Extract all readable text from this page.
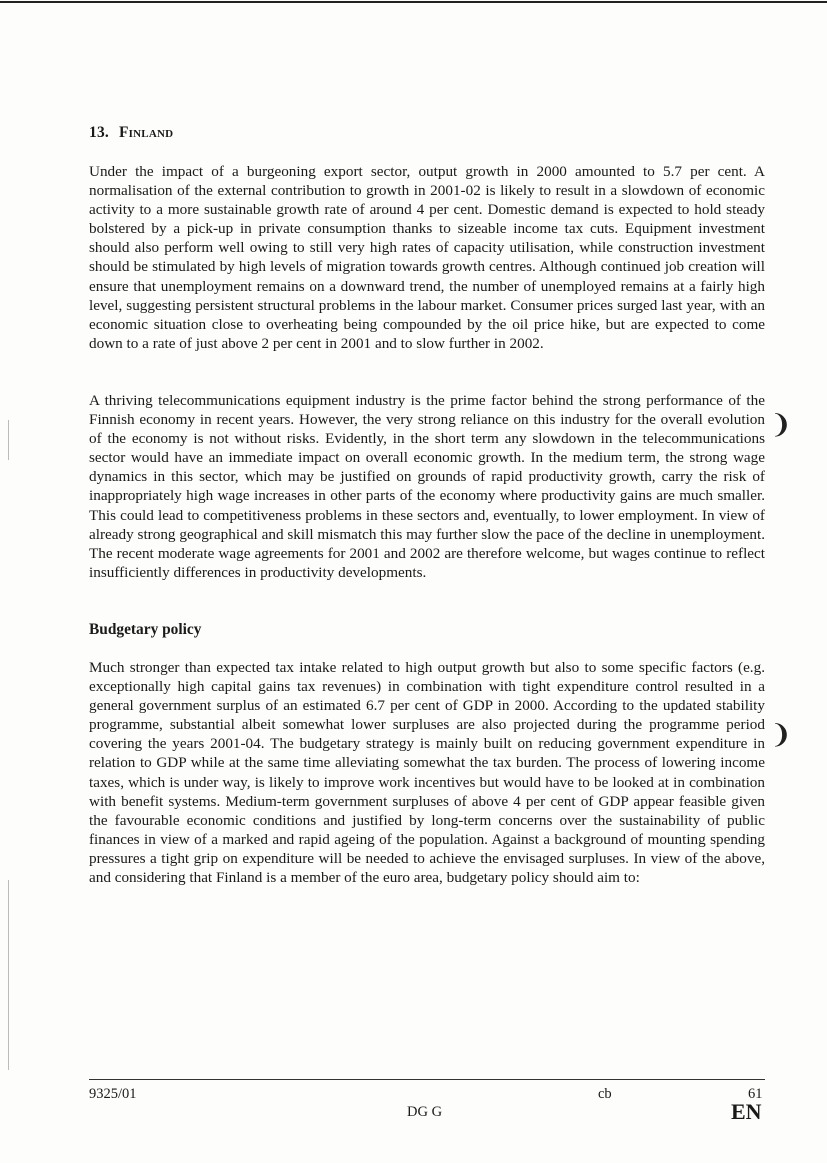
13. Finland

Under the impact of a burgeoning export sector, output growth in 2000 amounted to 5.7 per cent. A normalisation of the external contribution to growth in 2001-02 is likely to result in a slowdown of economic activity to a more sustainable growth rate of around 4 per cent. Domestic demand is expected to hold steady bolstered by a pick-up in private consumption thanks to sizeable income tax cuts. Equipment investment should also perform well owing to still very high rates of capacity utilisation, while construction investment should be stimulated by high levels of migration towards growth centres. Although continued job creation will ensure that unemployment remains on a downward trend, the number of unemployed remains at a fairly high level, suggesting persistent structural problems in the labour market. Consumer prices surged last year, with an economic situation close to overheating being compounded by the oil price hike, but are expected to come down to a rate of just above 2 per cent in 2001 and to slow further in 2002.

A thriving telecommunications equipment industry is the prime factor behind the strong performance of the Finnish economy in recent years. However, the very strong reliance on this industry for the overall evolution of the economy is not without risks. Evidently, in the short term any slowdown in the telecommunications sector would have an immediate impact on overall economic growth. In the medium term, the strong wage dynamics in this sector, which may be justified on grounds of rapid productivity growth, carry the risk of inappropriately high wage increases in other parts of the economy where productivity gains are much smaller. This could lead to competitiveness problems in these sectors and, eventually, to lower employment. In view of already strong geographical and skill mismatch this may further slow the pace of the decline in unemployment. The recent moderate wage agreements for 2001 and 2002 are therefore welcome, but wages continue to reflect insufficiently differences in productivity developments.

Budgetary policy

Much stronger than expected tax intake related to high output growth but also to some specific factors (e.g. exceptionally high capital gains tax revenues) in combination with tight expenditure control resulted in a general government surplus of an estimated 6.7 per cent of GDP in 2000. According to the updated stability programme, substantial albeit somewhat lower surpluses are also projected during the programme period covering the years 2001-04. The budgetary strategy is mainly built on reducing government expenditure in relation to GDP while at the same time alleviating somewhat the tax burden. The process of lowering income taxes, which is under way, is likely to improve work incentives but would have to be looked at in combination with benefit systems. Medium-term government surpluses of above 4 per cent of GDP appear feasible given the favourable economic conditions and justified by long-term concerns over the sustainability of public finances in view of a marked and rapid ageing of the population. Against a background of mounting spending pressures a tight grip on expenditure will be needed to achieve the envisaged surpluses. In view of the above, and considering that Finland is a member of the euro area, budgetary policy should aim to:

❩
❩
9325/01	cb	61
DG G	EN
